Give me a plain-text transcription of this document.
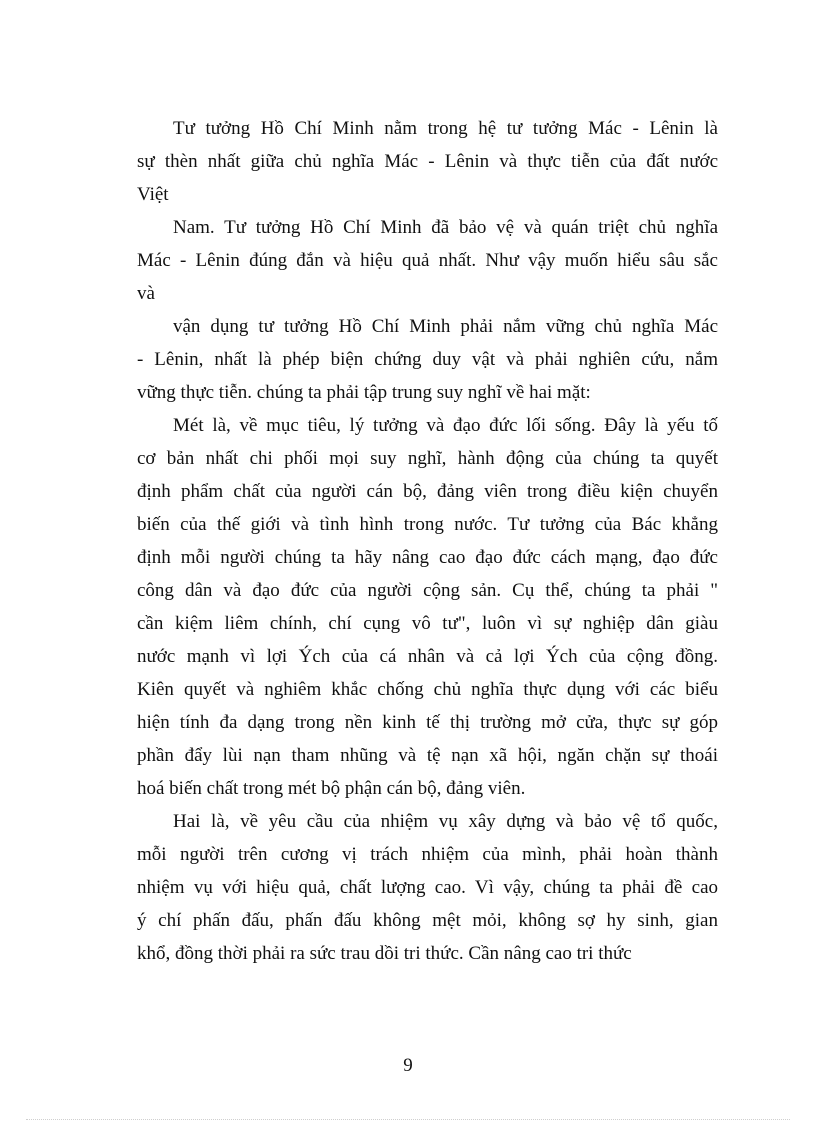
Tư tưởng Hồ Chí Minh nằm trong hệ tư tưởng Mác - Lênin là
sự thèn nhất giữa chủ nghĩa Mác - Lênin và thực tiễn của đất nước
Việt
Nam. Tư tưởng Hồ Chí Minh đã bảo vệ và quán triệt chủ nghĩa
Mác - Lênin đúng đắn và hiệu quả nhất. Như vậy muốn hiểu sâu sắc
và
vận dụng tư tưởng Hồ Chí Minh phải nắm vững chủ nghĩa Mác
- Lênin, nhất là phép biện chứng duy vật và phải nghiên cứu, nắm
vững thực tiễn. chúng ta phải tập trung suy nghĩ về hai mặt:
Mét là, về mục tiêu, lý tưởng và đạo đức lối sống. Đây là yếu tố
cơ bản nhất chi phối mọi suy nghĩ, hành động của chúng ta quyết
định phẩm chất của người cán bộ, đảng viên trong điều kiện chuyển
biến của thế giới và tình hình trong nước. Tư tưởng của Bác khẳng
định mỗi người chúng ta hãy nâng cao đạo đức cách mạng, đạo đức
công dân và đạo đức của người cộng sản. Cụ thể, chúng ta phải "
cần kiệm liêm chính, chí cụng vô tư", luôn vì sự nghiệp dân giàu
nước mạnh vì lợi Ých của cá nhân và cả lợi Ých của cộng đồng.
Kiên quyết và nghiêm khắc chống chủ nghĩa thực dụng với các biểu
hiện tính đa dạng trong nền kinh tế thị trường mở cửa, thực sự góp
phần đẩy lùi nạn tham nhũng và tệ nạn xã hội, ngăn chặn sự thoái
hoá biến chất trong mét bộ phận cán bộ, đảng viên.
Hai là, về yêu cầu của nhiệm vụ xây dựng và bảo vệ tổ quốc,
mỗi người trên cương vị trách nhiệm của mình, phải hoàn thành
nhiệm vụ với hiệu quả, chất lượng cao. Vì vậy, chúng ta phải đề cao
ý chí phấn đấu, phấn đấu không mệt mỏi, không sợ hy sinh, gian
khổ, đồng thời phải ra sức trau dồi tri thức. Cần nâng cao tri thức
9
